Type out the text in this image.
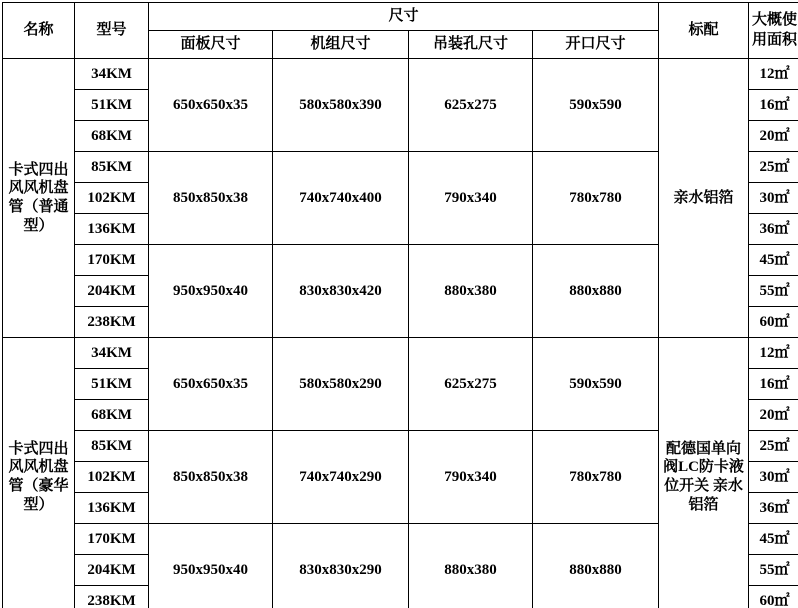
名称	型号	尺寸				标配	大概使用面积
		面板尺寸	机组尺寸	吊装孔尺寸	开口尺寸		
卡式四出风风机盘管（普通型）	34KM	650x650x35	580x580x390	625x275	590x590	亲水铝箔	12㎡
	51KM						16㎡
	68KM						20㎡
	85KM	850x850x38	740x740x400	790x340	780x780		25㎡
	102KM						30㎡
	136KM						36㎡
	170KM	950x950x40	830x830x420	880x380	880x880		45㎡
	204KM						55㎡
	238KM						60㎡
卡式四出风风机盘管（豪华型）	34KM	650x650x35	580x580x290	625x275	590x590	配德国单向阀LC防卡液位开关 亲水铝箔	12㎡
	51KM						16㎡
	68KM						20㎡
	85KM	850x850x38	740x740x290	790x340	780x780		25㎡
	102KM						30㎡
	136KM						36㎡
	170KM	950x950x40	830x830x290	880x380	880x880		45㎡
	204KM						55㎡
	238KM						60㎡
